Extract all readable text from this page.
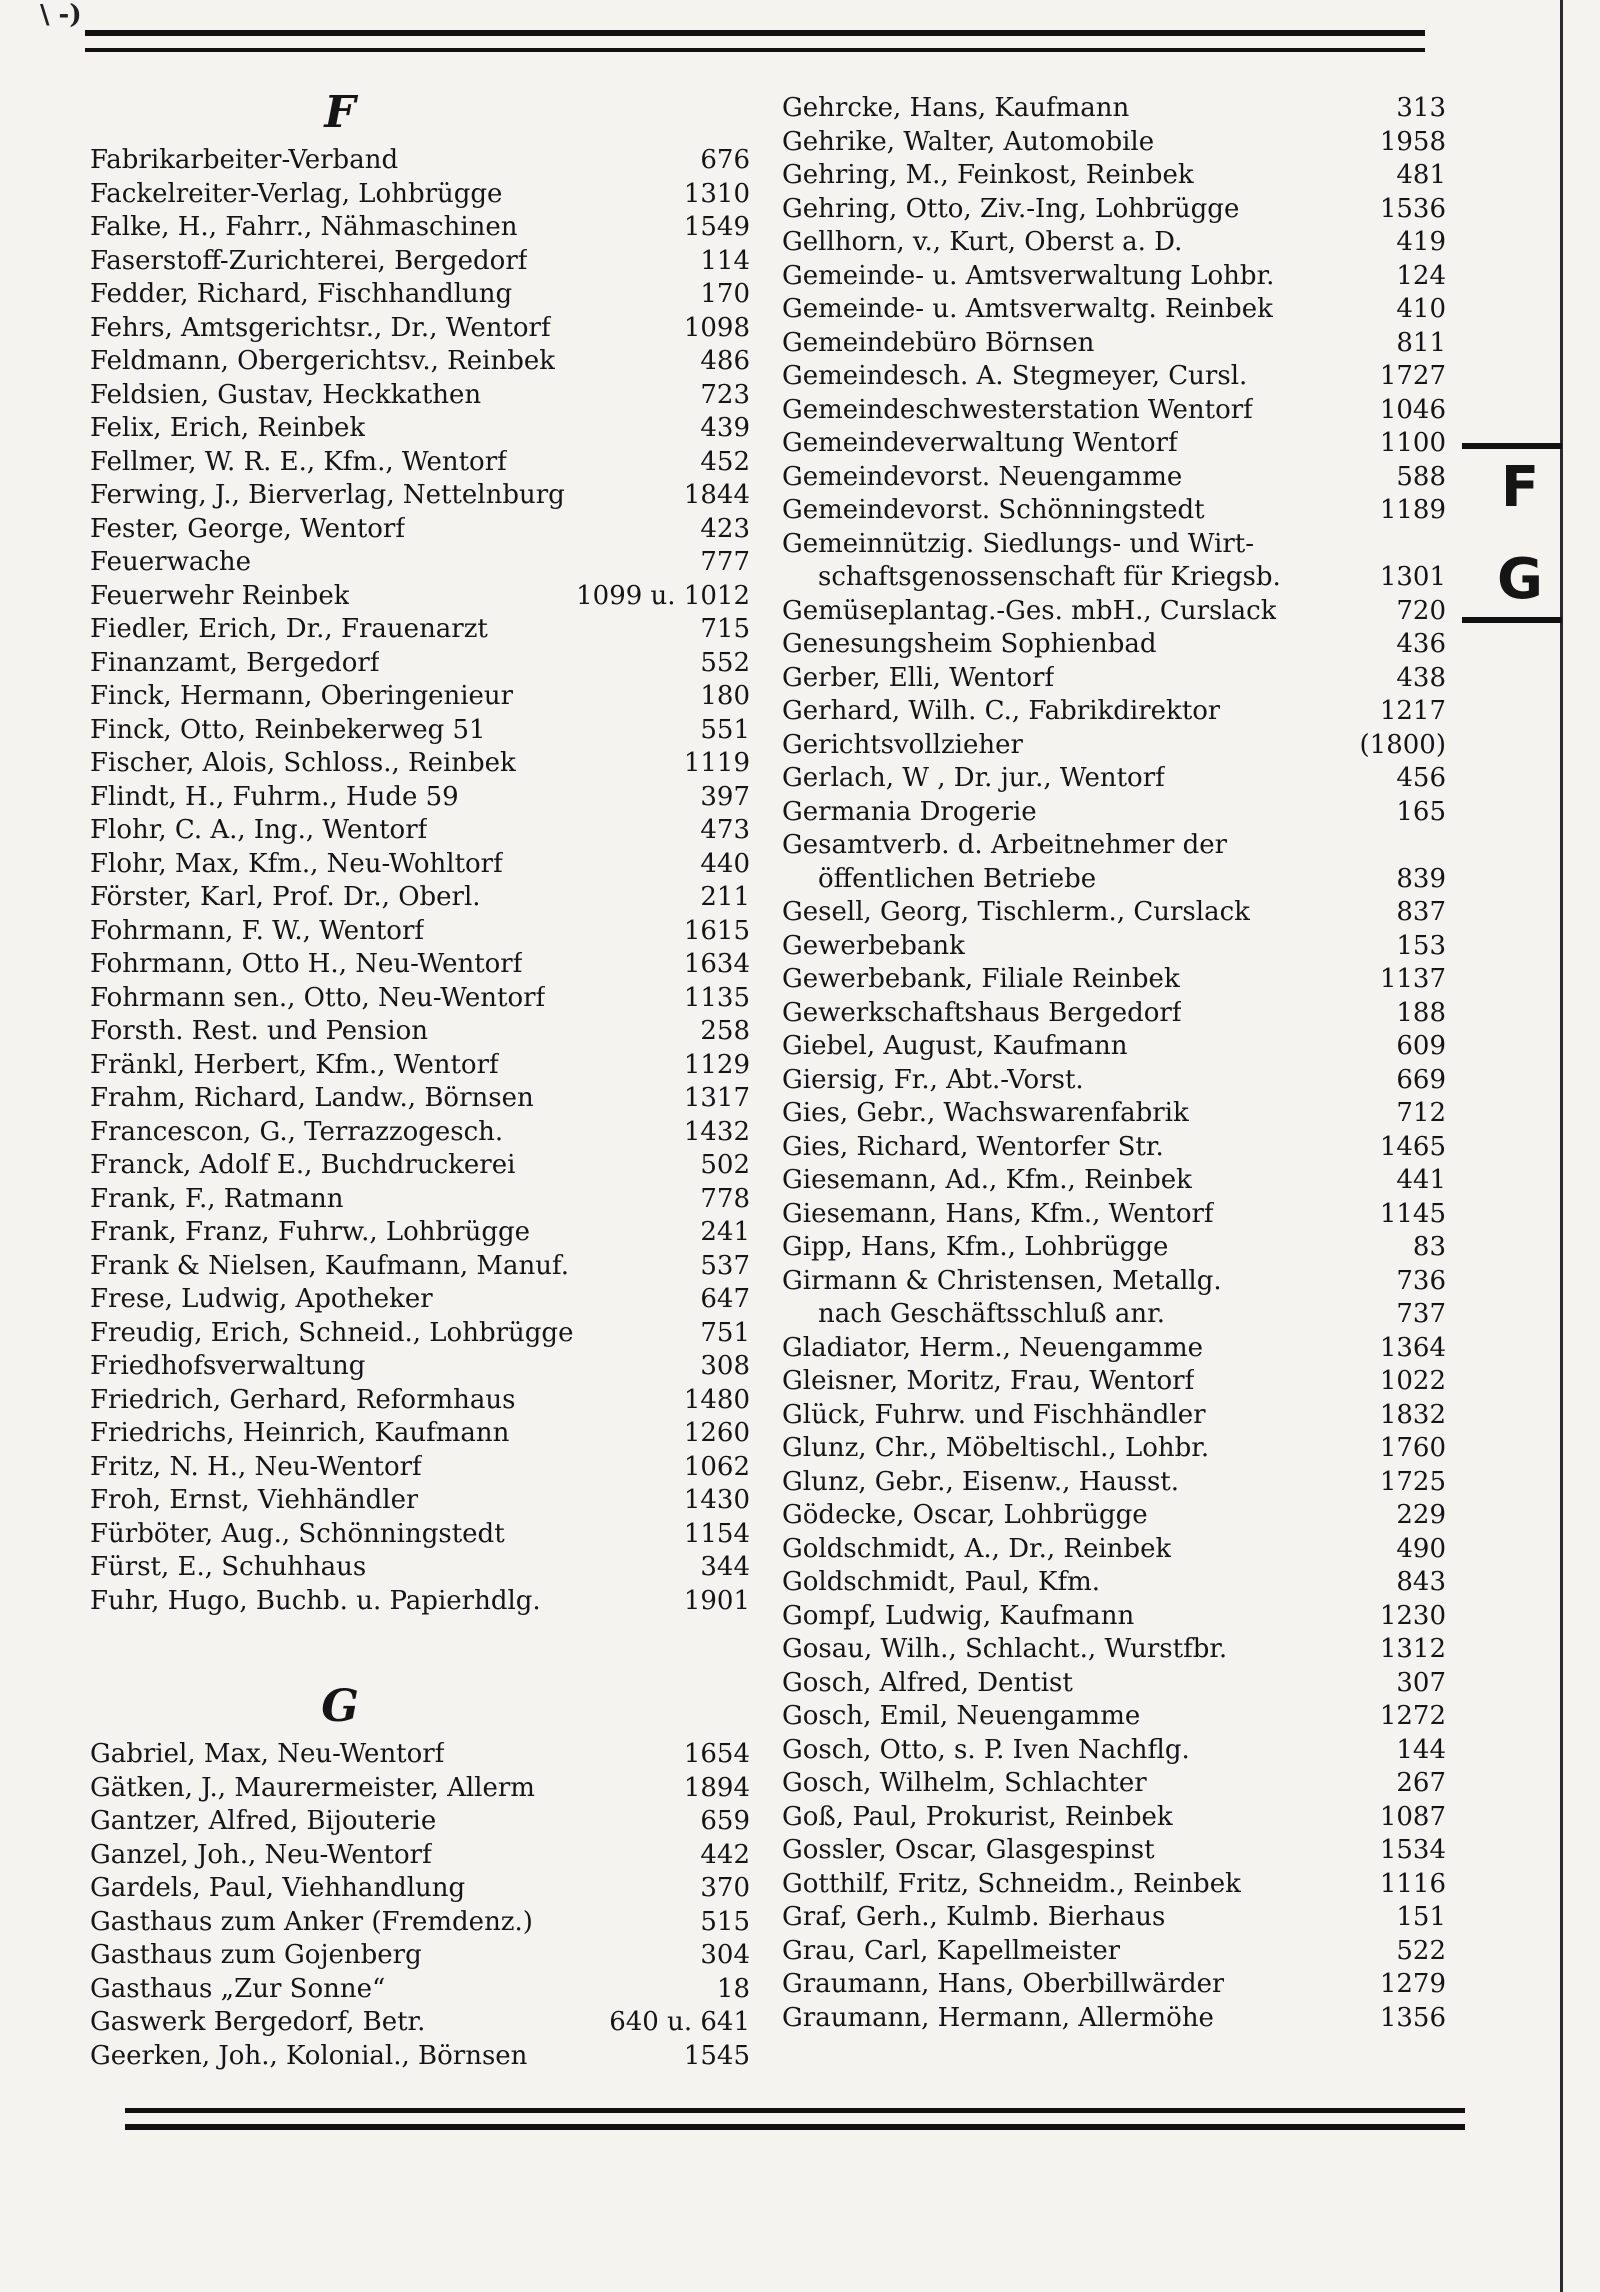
\ -)
F
Fabrikarbeiter-Verband	676
Fackelreiter-Verlag, Lohbrügge	1310
Falke, H., Fahrr., Nähmaschinen	1549
Faserstoff-Zurichterei, Bergedorf	114
Fedder, Richard, Fischhandlung	170
Fehrs, Amtsgerichtsr., Dr., Wentorf	1098
Feldmann, Obergerichtsv., Reinbek	486
Feldsien, Gustav, Heckkathen	723
Felix, Erich, Reinbek	439
Fellmer, W. R. E., Kfm., Wentorf	452
Ferwing, J., Bierverlag, Nettelnburg	1844
Fester, George, Wentorf	423
Feuerwache	777
Feuerwehr Reinbek	1099 u. 1012
Fiedler, Erich, Dr., Frauenarzt	715
Finanzamt, Bergedorf	552
Finck, Hermann, Oberingenieur	180
Finck, Otto, Reinbekerweg 51	551
Fischer, Alois, Schloss., Reinbek	1119
Flindt, H., Fuhrm., Hude 59	397
Flohr, C. A., Ing., Wentorf	473
Flohr, Max, Kfm., Neu-Wohltorf	440
Förster, Karl, Prof. Dr., Oberl.	211
Fohrmann, F. W., Wentorf	1615
Fohrmann, Otto H., Neu-Wentorf	1634
Fohrmann sen., Otto, Neu-Wentorf	1135
Forsth. Rest. und Pension	258
Fränkl, Herbert, Kfm., Wentorf	1129
Frahm, Richard, Landw., Börnsen	1317
Francescon, G., Terrazzogesch.	1432
Franck, Adolf E., Buchdruckerei	502
Frank, F., Ratmann	778
Frank, Franz, Fuhrw., Lohbrügge	241
Frank & Nielsen, Kaufmann, Manuf.	537
Frese, Ludwig, Apotheker	647
Freudig, Erich, Schneid., Lohbrügge	751
Friedhofsverwaltung	308
Friedrich, Gerhard, Reformhaus	1480
Friedrichs, Heinrich, Kaufmann	1260
Fritz, N. H., Neu-Wentorf	1062
Froh, Ernst, Viehhändler	1430
Fürböter, Aug., Schönningstedt	1154
Fürst, E., Schuhhaus	344
Fuhr, Hugo, Buchb. u. Papierhdlg.	1901
G
Gabriel, Max, Neu-Wentorf	1654
Gätken, J., Maurermeister, Allerm	1894
Gantzer, Alfred, Bijouterie	659
Ganzel, Joh., Neu-Wentorf	442
Gardels, Paul, Viehhandlung	370
Gasthaus zum Anker (Fremdenz.)	515
Gasthaus zum Gojenberg	304
Gasthaus „Zur Sonne“	18
Gaswerk Bergedorf, Betr.	640 u. 641
Geerken, Joh., Kolonial., Börnsen	1545
Gehrcke, Hans, Kaufmann	313
Gehrike, Walter, Automobile	1958
Gehring, M., Feinkost, Reinbek	481
Gehring, Otto, Ziv.-Ing, Lohbrügge	1536
Gellhorn, v., Kurt, Oberst a. D.	419
Gemeinde- u. Amtsverwaltung Lohbr.	124
Gemeinde- u. Amtsverwaltg. Reinbek	410
Gemeindebüro Börnsen	811
Gemeindesch. A. Stegmeyer, Cursl.	1727
Gemeindeschwesterstation Wentorf	1046
Gemeindeverwaltung Wentorf	1100
Gemeindevorst. Neuengamme	588
Gemeindevorst. Schönningstedt	1189
Gemeinnützig. Siedlungs- und Wirt-
schaftsgenossenschaft für Kriegsb.	1301
Gemüseplantag.-Ges. mbH., Curslack	720
Genesungsheim Sophienbad	436
Gerber, Elli, Wentorf	438
Gerhard, Wilh. C., Fabrikdirektor	1217
Gerichtsvollzieher	(1800)
Gerlach, W , Dr. jur., Wentorf	456
Germania Drogerie	165
Gesamtverb. d. Arbeitnehmer der
öffentlichen Betriebe	839
Gesell, Georg, Tischlerm., Curslack	837
Gewerbebank	153
Gewerbebank, Filiale Reinbek	1137
Gewerkschaftshaus Bergedorf	188
Giebel, August, Kaufmann	609
Giersig, Fr., Abt.-Vorst.	669
Gies, Gebr., Wachswarenfabrik	712
Gies, Richard, Wentorfer Str.	1465
Giesemann, Ad., Kfm., Reinbek	441
Giesemann, Hans, Kfm., Wentorf	1145
Gipp, Hans, Kfm., Lohbrügge	83
Girmann & Christensen, Metallg.	736
nach Geschäftsschluß anr.	737
Gladiator, Herm., Neuengamme	1364
Gleisner, Moritz, Frau, Wentorf	1022
Glück, Fuhrw. und Fischhändler	1832
Glunz, Chr., Möbeltischl., Lohbr.	1760
Glunz, Gebr., Eisenw., Hausst.	1725
Gödecke, Oscar, Lohbrügge	229
Goldschmidt, A., Dr., Reinbek	490
Goldschmidt, Paul, Kfm.	843
Gompf, Ludwig, Kaufmann	1230
Gosau, Wilh., Schlacht., Wurstfbr.	1312
Gosch, Alfred, Dentist	307
Gosch, Emil, Neuengamme	1272
Gosch, Otto, s. P. Iven Nachflg.	144
Gosch, Wilhelm, Schlachter	267
Goß, Paul, Prokurist, Reinbek	1087
Gossler, Oscar, Glasgespinst	1534
Gotthilf, Fritz, Schneidm., Reinbek	1116
Graf, Gerh., Kulmb. Bierhaus	151
Grau, Carl, Kapellmeister	522
Graumann, Hans, Oberbillwärder	1279
Graumann, Hermann, Allermöhe	1356
F
G
